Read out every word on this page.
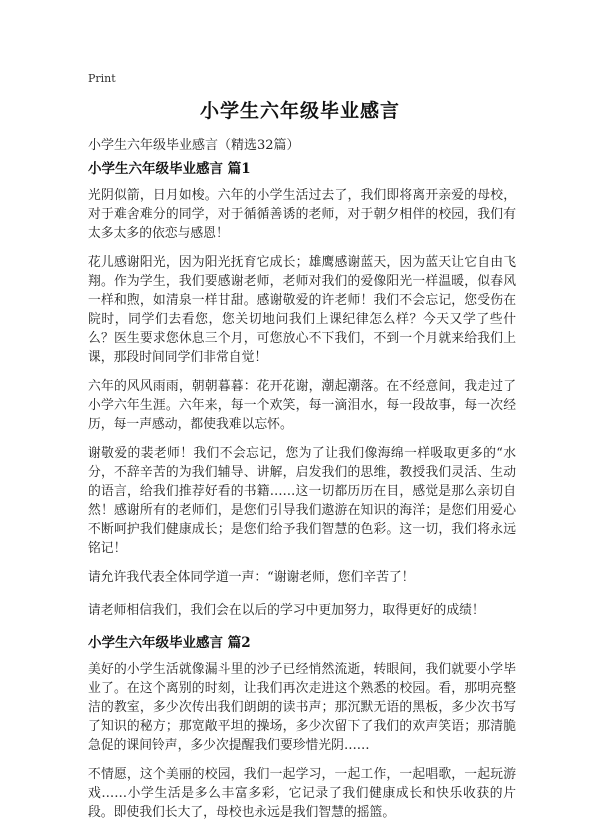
Print
小学生六年级毕业感言
小学生六年级毕业感言（精选32篇）
小学生六年级毕业感言 篇1

光阴似箭，日月如梭。六年的小学生活过去了，我们即将离开亲爱的母校，对于难舍难分的同学，对于循循善诱的老师，对于朝夕相伴的校园，我们有太多太多的依恋与感恩！

花儿感谢阳光，因为阳光抚育它成长；雄鹰感谢蓝天，因为蓝天让它自由飞翔。作为学生，我们要感谢老师，老师对我们的爱像阳光一样温暖，似春风一样和煦，如清泉一样甘甜。感谢敬爱的许老师！我们不会忘记，您受伤在院时，同学们去看您，您关切地问我们上课纪律怎么样？今天又学了些什么？医生要求您休息三个月，可您放心不下我们，不到一个月就来给我们上课，那段时间同学们非常自觉！

六年的风风雨雨，朝朝暮暮：花开花谢，潮起潮落。在不经意间，我走过了小学六年生涯。六年来，每一个欢笑，每一滴泪水，每一段故事，每一次经历，每一声感动，都使我难以忘怀。

谢敬爱的裴老师！我们不会忘记，您为了让我们像海绵一样吸取更多的“水分，不辞辛苦的为我们辅导、讲解，启发我们的思维，教授我们灵活、生动的语言，给我们推荐好看的书籍……这一切都历历在目，感觉是那么亲切自然！感谢所有的老师们，是您们引导我们遨游在知识的海洋；是您们用爱心不断呵护我们健康成长；是您们给予我们智慧的色彩。这一切，我们将永远铭记！

请允许我代表全体同学道一声：“谢谢老师，您们辛苦了！

请老师相信我们，我们会在以后的学习中更加努力，取得更好的成绩！

小学生六年级毕业感言 篇2

美好的小学生活就像漏斗里的沙子已经悄然流逝，转眼间，我们就要小学毕业了。在这个离别的时刻，让我们再次走进这个熟悉的校园。看，那明亮整洁的教室，多少次传出我们朗朗的读书声；那沉默无语的黑板，多少次书写了知识的秘方；那宽敞平坦的操场，多少次留下了我们的欢声笑语；那清脆急促的课间铃声，多少次提醒我们要珍惜光阴……

不情愿，这个美丽的校园，我们一起学习，一起工作，一起唱歌，一起玩游戏……小学生活是多么丰富多彩，它记录了我们健康成长和快乐收获的片段。即使我们长大了，母校也永远是我们智慧的摇篮。
